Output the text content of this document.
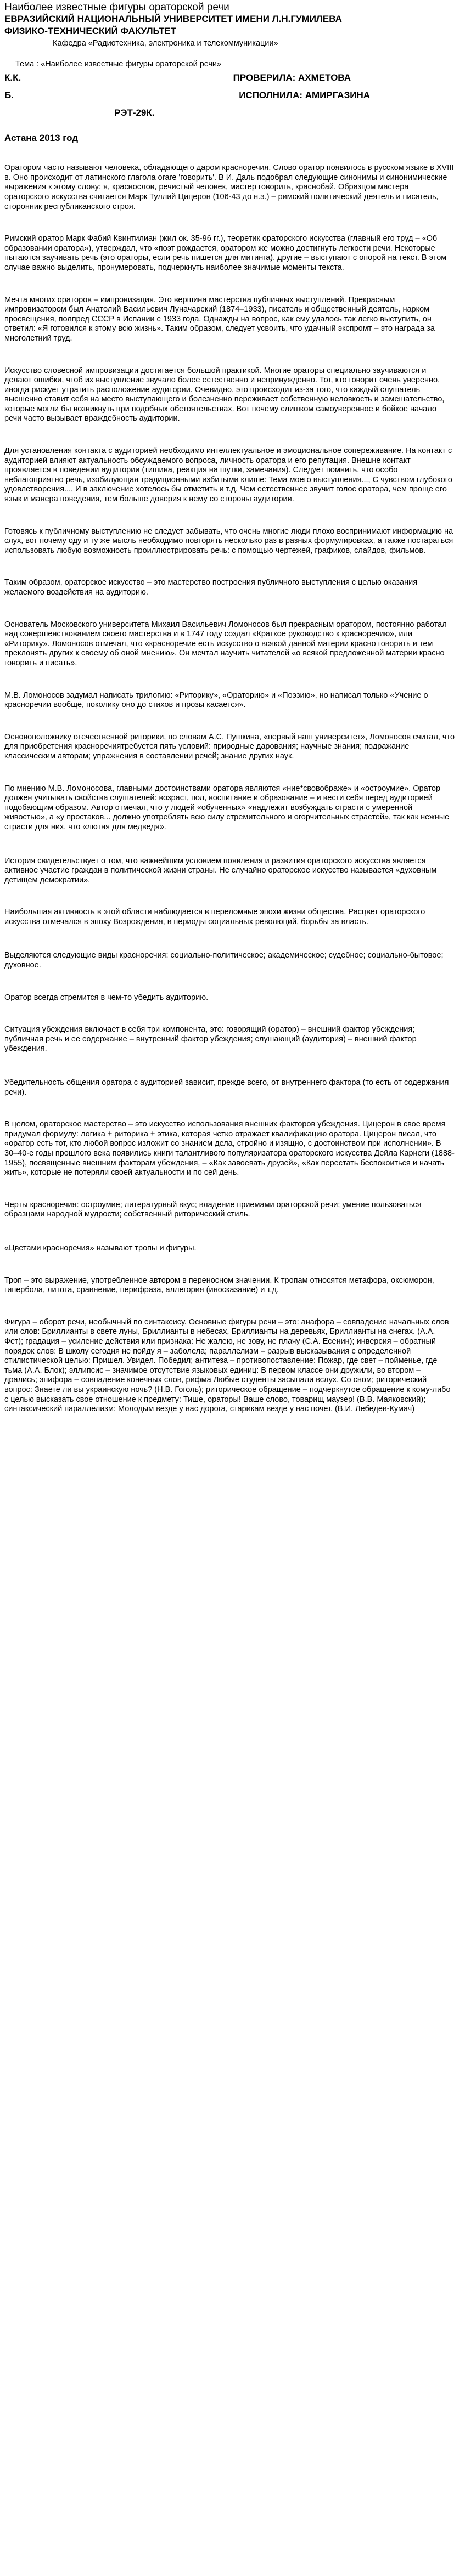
Наиболее известные фигуры ораторской речи
ЕВРАЗИЙСКИЙ НАЦИОНАЛЬНЫЙ УНИВЕРСИТЕТ ИМЕНИ Л.Н.ГУМИЛЕВА
ФИЗИКО-ТЕХНИЧЕСКИЙ ФАКУЛЬТЕТ
Кафедра «Радиотехника, электроника и телекоммуникации»
Тема : «Наиболее известные фигуры ораторской речи»
К.К.	ПРОВЕРИЛА: АХМЕТОВА
Б.	ИСПОЛНИЛА: АМИРГАЗИНА
РЭТ-29К.
Астана 2013 год

Оратором часто называют человека, обладающего даром красноречия. Слово оратор появилось в русском языке в XVIII в. Оно происходит от латинского глагола orare 'говорить'. В И. Даль подобрал следующие синонимы и синонимические выражения к этому слову: я, краснослов, речистый человек, мастер говорить, краснобай. Образцом мастера ораторского искусства считается Марк Туллий Цицерон (106-43 до н.э.) – римский политический деятель и писатель, сторонник республиканского строя.

Римский оратор Марк Фабий Квинтилиан (жил ок. 35-96 гг.), теоретик ораторского искусства (главный его труд – «Об образовании оратора»), утверждал, что «поэт рождается, оратором же можно достигнуть легкости речи. Некоторые пытаются заучивать речь (это ораторы, если речь пишется для митинга), другие – выступают с опорой на текст. В этом случае важно выделить, пронумеровать, подчеркнуть наиболее значимые моменты текста.

Мечта многих ораторов – импровизация. Это вершина мастерства публичных выступлений. Прекрасным импровизатором был Анатолий Васильевич Луначарский (1874–1933), писатель и общественный деятель, нарком просвещения, полпред СССР в Испании с 1933 года. Однажды на вопрос, как ему удалось так легко выступить, он ответил: «Я готовился к этому всю жизнь». Таким образом, следует усвоить, что удачный экспромт – это награда за многолетний труд.

Искусство словесной импровизации достигается большой практикой. Многие ораторы специально заучиваются и делают ошибки, чтоб их выступление звучало более естественно и непринужденно. Тот, кто говорит очень уверенно, иногда рискует утратить расположение аудитории. Очевидно, это происходит из-за того, что каждый слушатель высшенно ставит себя на место выступающего и болезненно переживает собственную неловкость и замешательство, которые могли бы возникнуть при подобных обстоятельствах. Вот почему слишком самоуверенное и бойкое начало речи часто вызывает враждебность аудитории.

Для установления контакта с аудиторией необходимо интеллектуальное и эмоциональное сопереживание. На контакт с аудиторией влияют актуальность обсуждаемого вопроса, личность оратора и его репутация. Внешне контакт проявляется в поведении аудитории (тишина, реакция на шутки, замечания). Следует помнить, что особо неблагоприятно речь, изобилующая традиционными избитыми клише: Тема моего выступления..., С чувством глубокого удовлетворения..., И в заключение хотелось бы отметить и т.д. Чем естественнее звучит голос оратора, чем проще его язык и манера поведения, тем больше доверия к нему со стороны аудитории.

Готовясь к публичному выступлению не следует забывать, что очень многие люди плохо воспринимают информацию на слух, вот почему оду и ту же мысль необходимо повторять несколько раз в разных формулировках, а также постараться использовать любую возможность проиллюстрировать речь: с помощью чертежей, графиков, слайдов, фильмов.

Таким образом, ораторское искусство – это мастерство построения публичного выступления с целью оказания желаемого воздействия на аудиторию.

Основатель Московского университета Михаил Васильевич Ломоносов был прекрасным оратором, постоянно работал над совершенствованием своего мастерства и в 1747 году создал «Краткое руководство к красноречию», или «Риторику». Ломоносов отмечал, что «красноречие есть искусство о всякой данной материи красно говорить и тем преклонять других к своему об оной мнению». Он мечтал научить читателей «о всякой предложенной материи красно говорить и писать».

М.В. Ломоносов задумал написать трилогию: «Риторику», «Ораторию» и «Поэзию», но написал только «Учение о красноречии вообще, поколику оно до стихов и прозы касается».

Основоположнику отечественной риторики, по словам А.С. Пушкина, «первый наш университет», Ломоносов считал, что для приобретения красноречиятребуется пять условий: природные дарования; научные знания; подражание классическим авторам; упражнения в составлении речей; знание других наук.

По мнению М.В. Ломоносова, главными достоинствами оратора являются «ние*свовображе» и «остроумие». Оратор должен учитывать свойства слушателей: возраст, пол, воспитание и образование – и вести себя перед аудиторией подобающим образом. Автор отмечал, что у людей «обученных» «надлежит возбуждать страсти с умеренной живостью», а «у простаков... должно употреблять всю силу стремительного и огорчительных страстей», так как нежные страсти для них, что «лютня для медведя».

История свидетельствует о том, что важнейшим условием появления и развития ораторского искусства является активное участие граждан в политической жизни страны. Не случайно ораторское искусство называется «духовным детищем демократии».

Наибольшая активность в этой области наблюдается в переломные эпохи жизни общества. Расцвет ораторского искусства отмечался в эпоху Возрождения, в периоды социальных революций, борьбы за власть.

Выделяются следующие виды красноречия: социально-политическое; академическое; судебное; социально-бытовое; духовное.

Оратор всегда стремится в чем-то убедить аудиторию.

Ситуация убеждения включает в себя три компонента, это: говорящий (оратор) – внешний фактор убеждения; публичная речь и ее содержание – внутренний фактор убеждения; слушающий (аудитория) – внешний фактор убеждения.

Убедительность общения оратора с аудиторией зависит, прежде всего, от внутреннего фактора (то есть от содержания речи).

В целом, ораторское мастерство – это искусство использования внешних факторов убеждения. Цицерон в свое время придумал формулу: логика + риторика + этика, которая четко отражает квалификацию оратора. Цицерон писал, что «оратор есть тот, кто любой вопрос изложит со знанием дела, стройно и изящно, с достоинством при исполнении». В 30–40-е годы прошлого века появились книги талантливого популяризатора ораторского искусства Дейла Карнеги (1888-1955), посвященные внешним факторам убеждения, – «Как завоевать друзей», «Как перестать беспокоиться и начать жить», которые не потеряли своей актуальности и по сей день.

Черты красноречия: остроумие; литературный вкус; владение приемами ораторской речи; умение пользоваться образцами народной мудрости; собственный риторический стиль.

«Цветами красноречия» называют тропы и фигуры.

Троп – это выражение, употребленное автором в переносном значении. К тропам относятся метафора, оксюморон, гипербола, литота, сравнение, перифраза, аллегория (иносказание) и т.д.

Фигура – оборот речи, необычный по синтаксису. Основные фигуры речи – это: анафора – совпадение начальных слов или слов: Бриллианты в свете луны, Бриллианты в небесах, Бриллианты на деревьях, Бриллианты на снегах. (А.А. Фет); градация – усиление действия или признака: Не жалею, не зову, не плачу (С.А. Есенин); инверсия – обратный порядок слов: В школу сегодня не пойду я – заболела; параллелизм – разрыв высказывания с определенной стилистической целью: Пришел. Увидел. Победил; антитеза – противопоставление: Пожар, где свет – пойменье, где тьма (А.А. Блок); эллипсис – значимое отсутствие языковых единиц: В первом классе они дружили, во втором – дрались; эпифора – совпадение конечных слов, рифма Любые студенты засыпали вслух. Со сном; риторический вопрос: Знаете ли вы украинскую ночь? (Н.В. Гоголь); риторическое обращение – подчеркнутое обращение к кому-либо с целью высказать свое отношение к предмету: Тише, ораторы! Ваше слово, товарищ маузер! (В.В. Маяковский); синтаксический параллелизм: Молодым везде у нас дорога, старикам везде у нас почет. (В.И. Лебедев-Кумач)
